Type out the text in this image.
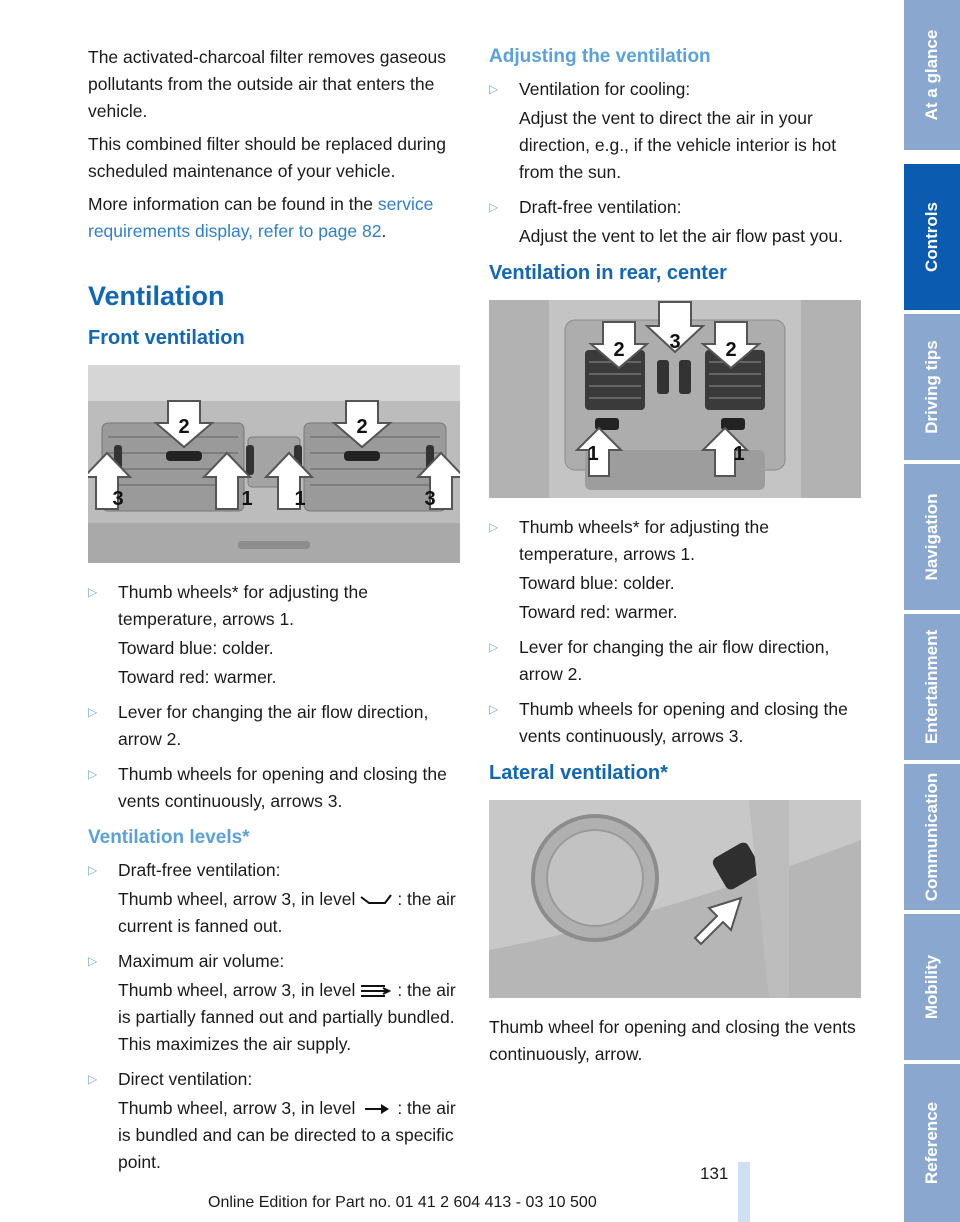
The activated-charcoal filter removes gaseous pollutants from the outside air that enters the vehicle.

This combined filter should be replaced during scheduled maintenance of your vehicle.

More information can be found in the service requirements display, refer to page 82.

Ventilation
Front ventilation
2	2
3	1 1	3
▷ Thumb wheels* for adjusting the temperature, arrows 1.

Toward blue: colder.

Toward red: warmer.

▷ Lever for changing the air flow direction, arrow 2.

▷ Thumb wheels for opening and closing the vents continuously, arrows 3.

Ventilation levels*
▷ Draft-free ventilation:

Thumb wheel, arrow 3, in level : the air current is fanned out.

▷ Maximum air volume:

Thumb wheel, arrow 3, in level : the air is partially fanned out and partially bundled. This maximizes the air supply.

▷ Direct ventilation:

Thumb wheel, arrow 3, in level : the air is bundled and can be directed to a specific point.

Adjusting the ventilation
▷ Ventilation for cooling:

Adjust the vent to direct the air in your direction, e.g., if the vehicle interior is hot from the sun.

▷ Draft-free ventilation:

Adjust the vent to let the air flow past you.

Ventilation in rear, center
2 3 2
1	1
▷ Thumb wheels* for adjusting the temperature, arrows 1.

Toward blue: colder.

Toward red: warmer.

▷ Lever for changing the air flow direction, arrow 2.

▷ Thumb wheels for opening and closing the vents continuously, arrows 3.

Lateral ventilation*

Thumb wheel for opening and closing the vents continuously, arrow.

At a glance
Controls
Driving tips
Navigation
Entertainment
Communication
Mobility
Reference
131
Online Edition for Part no. 01 41 2 604 413 - 03 10 500
